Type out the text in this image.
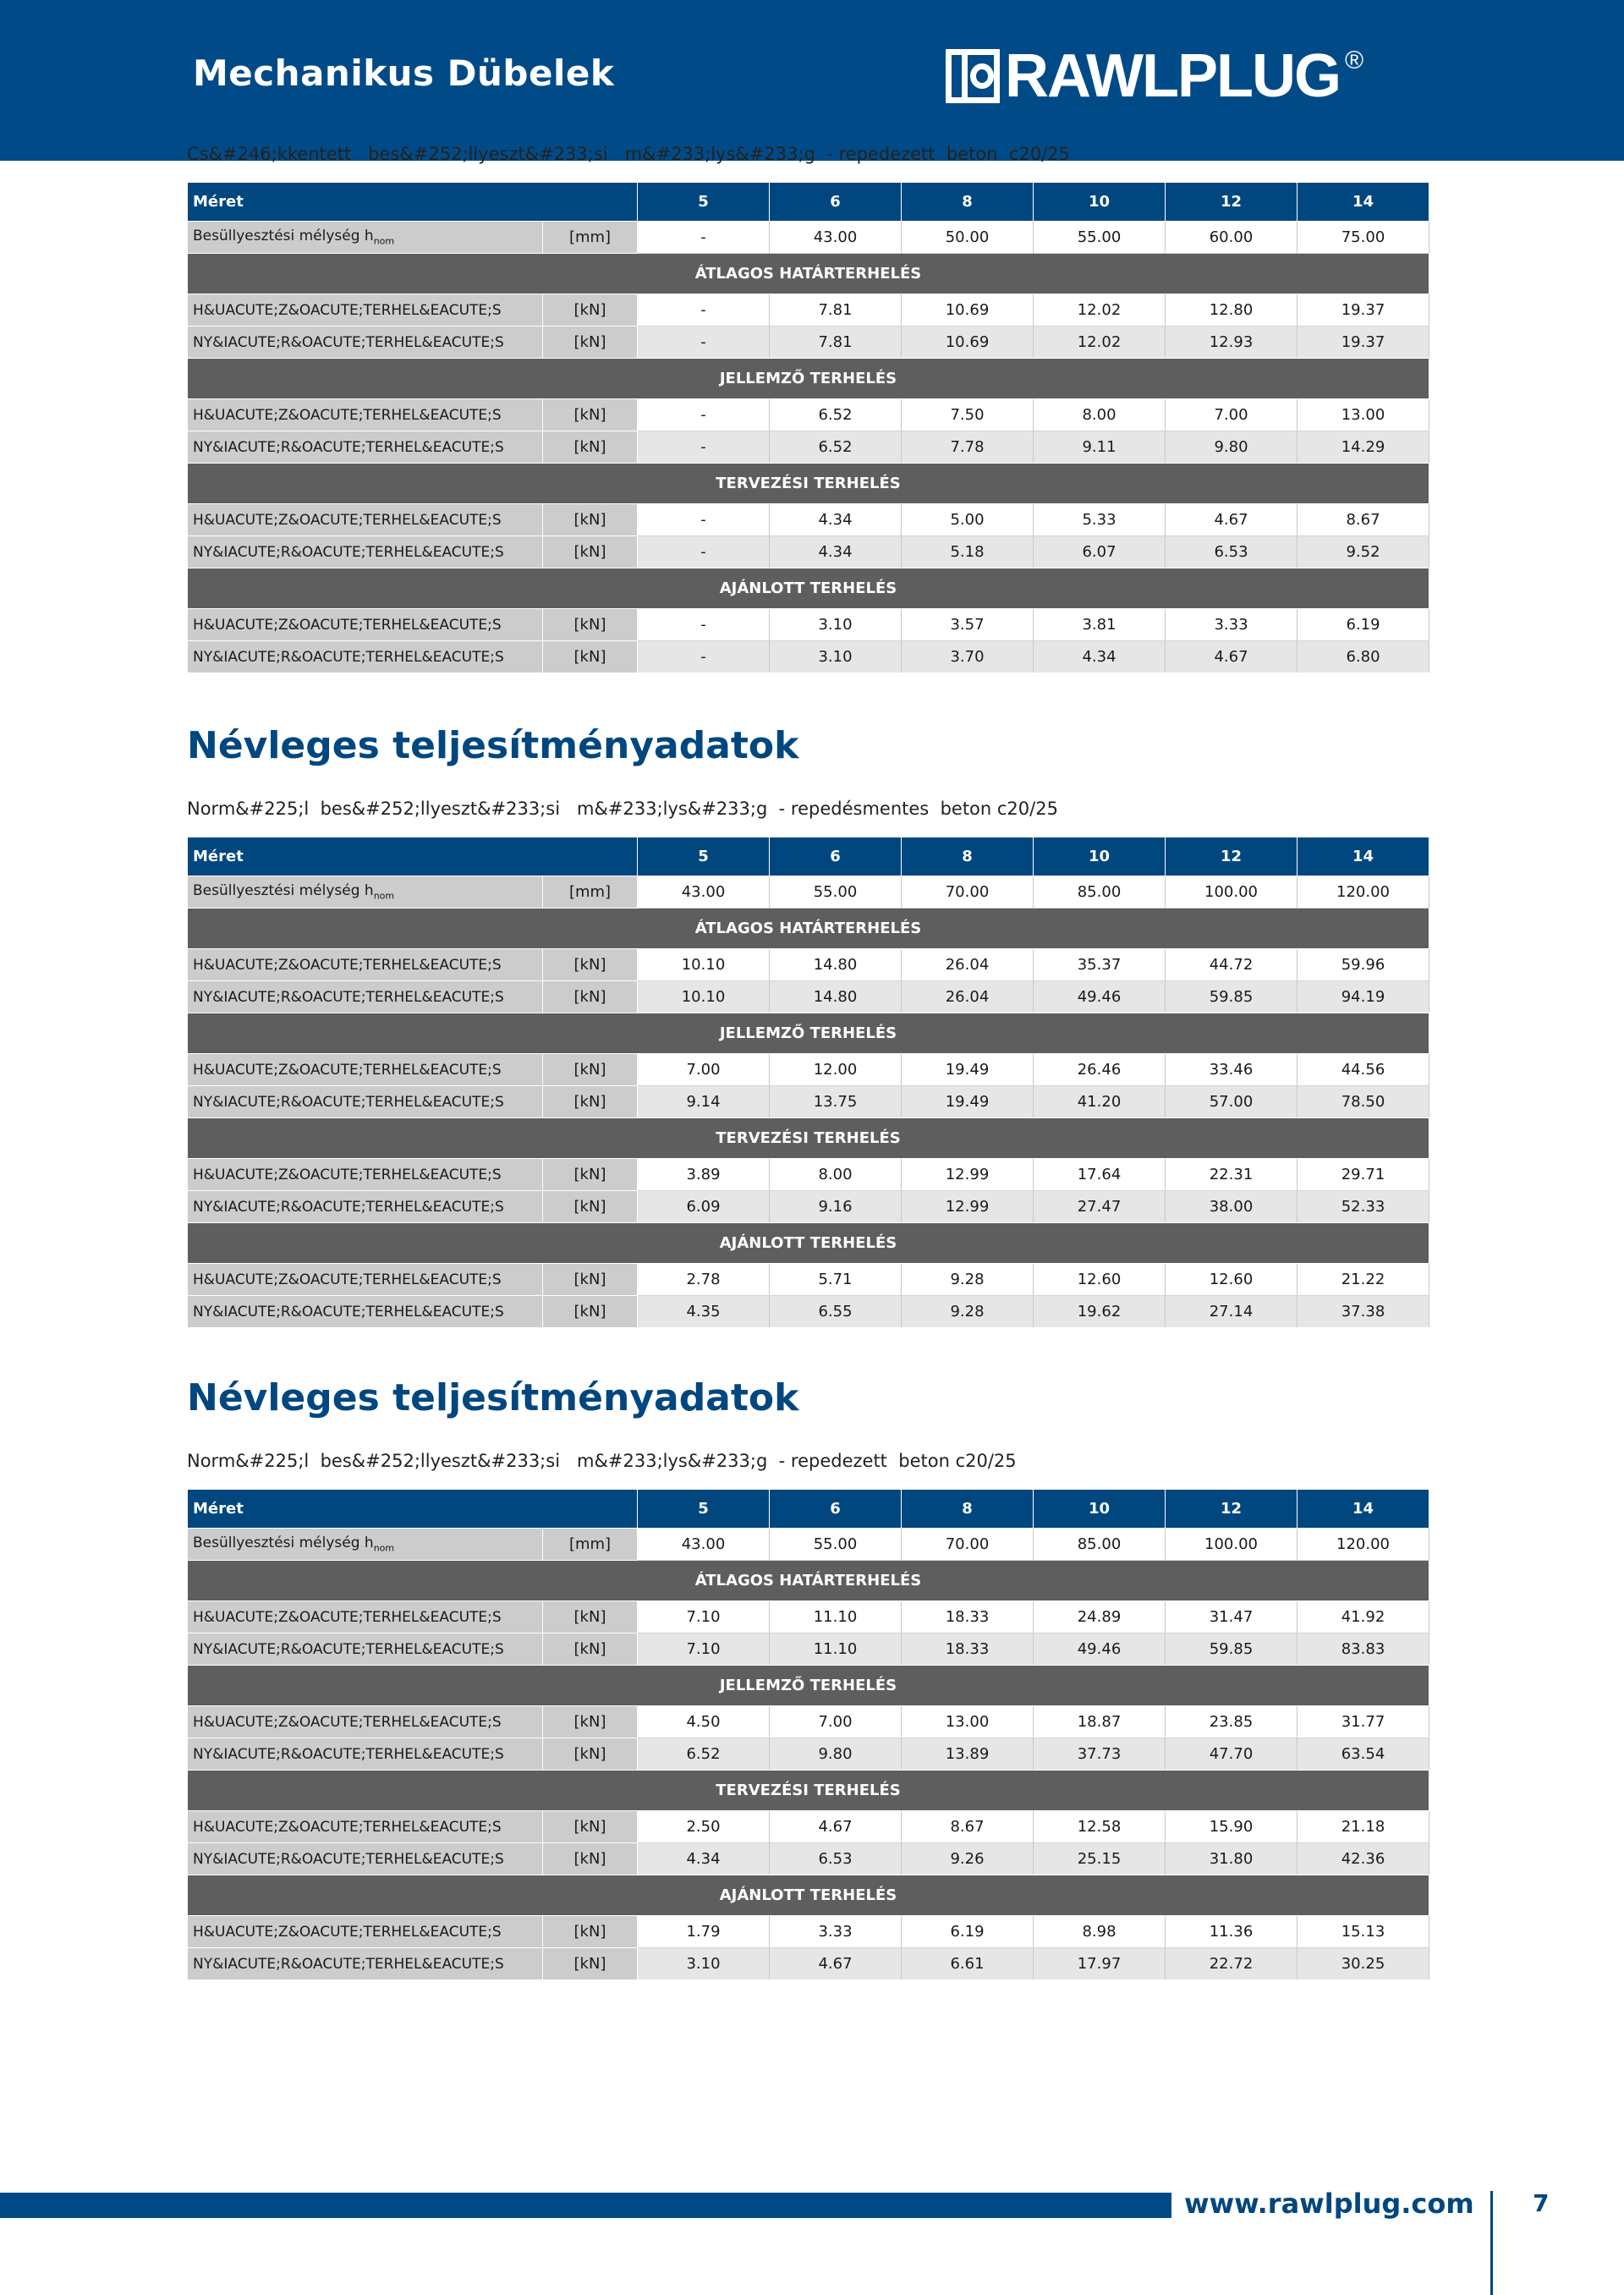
Mechanikus Dübelek	RAWLPLUG ®
Cs&#246;kkentett   bes&#252;llyeszt&#233;si   m&#233;lys&#233;g  - repedezett  beton  c20/25
Méret		5	6	8	10	12	14
Besüllyesztési mélység $h_{nom}$	[mm]	-	43.00	50.00	55.00	60.00	75.00
ÁTLAGOS HATÁRTERHELÉS							
H&UACUTE;Z&OACUTE;TERHEL&EACUTE;S	[kN]	-	7.81	10.69	12.02	12.80	19.37
NY&IACUTE;R&OACUTE;TERHEL&EACUTE;S	[kN]	-	7.81	10.69	12.02	12.93	19.37
JELLEMZŐ TERHELÉS							
H&UACUTE;Z&OACUTE;TERHEL&EACUTE;S	[kN]	-	6.52	7.50	8.00	7.00	13.00
NY&IACUTE;R&OACUTE;TERHEL&EACUTE;S	[kN]	-	6.52	7.78	9.11	9.80	14.29
TERVEZÉSI TERHELÉS							
H&UACUTE;Z&OACUTE;TERHEL&EACUTE;S	[kN]	-	4.34	5.00	5.33	4.67	8.67
NY&IACUTE;R&OACUTE;TERHEL&EACUTE;S	[kN]	-	4.34	5.18	6.07	6.53	9.52
AJÁNLOTT TERHELÉS							
H&UACUTE;Z&OACUTE;TERHEL&EACUTE;S	[kN]	-	3.10	3.57	3.81	3.33	6.19
NY&IACUTE;R&OACUTE;TERHEL&EACUTE;S	[kN]	-	3.10	3.70	4.34	4.67	6.80
Névleges teljesítményadatok
Norm&#225;l  bes&#252;llyeszt&#233;si   m&#233;lys&#233;g  - repedésmentes  beton c20/25
Méret		5	6	8	10	12	14
Besüllyesztési mélység $h_{nom}$	[mm]	43.00	55.00	70.00	85.00	100.00	120.00
ÁTLAGOS HATÁRTERHELÉS							
H&UACUTE;Z&OACUTE;TERHEL&EACUTE;S	[kN]	10.10	14.80	26.04	35.37	44.72	59.96
NY&IACUTE;R&OACUTE;TERHEL&EACUTE;S	[kN]	10.10	14.80	26.04	49.46	59.85	94.19
JELLEMZŐ TERHELÉS							
H&UACUTE;Z&OACUTE;TERHEL&EACUTE;S	[kN]	7.00	12.00	19.49	26.46	33.46	44.56
NY&IACUTE;R&OACUTE;TERHEL&EACUTE;S	[kN]	9.14	13.75	19.49	41.20	57.00	78.50
TERVEZÉSI TERHELÉS							
H&UACUTE;Z&OACUTE;TERHEL&EACUTE;S	[kN]	3.89	8.00	12.99	17.64	22.31	29.71
NY&IACUTE;R&OACUTE;TERHEL&EACUTE;S	[kN]	6.09	9.16	12.99	27.47	38.00	52.33
AJÁNLOTT TERHELÉS							
H&UACUTE;Z&OACUTE;TERHEL&EACUTE;S	[kN]	2.78	5.71	9.28	12.60	12.60	21.22
NY&IACUTE;R&OACUTE;TERHEL&EACUTE;S	[kN]	4.35	6.55	9.28	19.62	27.14	37.38
Névleges teljesítményadatok
Norm&#225;l  bes&#252;llyeszt&#233;si   m&#233;lys&#233;g  - repedezett  beton c20/25
Méret		5	6	8	10	12	14
Besüllyesztési mélység $h_{nom}$	[mm]	43.00	55.00	70.00	85.00	100.00	120.00
ÁTLAGOS HATÁRTERHELÉS							
H&UACUTE;Z&OACUTE;TERHEL&EACUTE;S	[kN]	7.10	11.10	18.33	24.89	31.47	41.92
NY&IACUTE;R&OACUTE;TERHEL&EACUTE;S	[kN]	7.10	11.10	18.33	49.46	59.85	83.83
JELLEMZŐ TERHELÉS							
H&UACUTE;Z&OACUTE;TERHEL&EACUTE;S	[kN]	4.50	7.00	13.00	18.87	23.85	31.77
NY&IACUTE;R&OACUTE;TERHEL&EACUTE;S	[kN]	6.52	9.80	13.89	37.73	47.70	63.54
TERVEZÉSI TERHELÉS							
H&UACUTE;Z&OACUTE;TERHEL&EACUTE;S	[kN]	2.50	4.67	8.67	12.58	15.90	21.18
NY&IACUTE;R&OACUTE;TERHEL&EACUTE;S	[kN]	4.34	6.53	9.26	25.15	31.80	42.36
AJÁNLOTT TERHELÉS							
H&UACUTE;Z&OACUTE;TERHEL&EACUTE;S	[kN]	1.79	3.33	6.19	8.98	11.36	15.13
NY&IACUTE;R&OACUTE;TERHEL&EACUTE;S	[kN]	3.10	4.67	6.61	17.97	22.72	30.25
www.rawlplug.com 7
